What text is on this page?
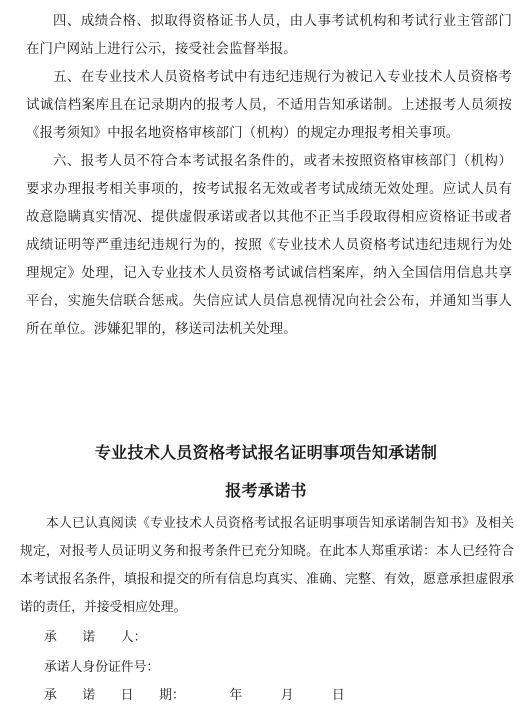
四、成绩合格、拟取得资格证书人员，由人事考试机构和考试行业主管部门在门户网站上进行公示，接受社会监督举报。

五、在专业技术人员资格考试中有违纪违规行为被记入专业技术人员资格考试诚信档案库且在记录期内的报考人员，不适用告知承诺制。上述报考人员须按《报考须知》中报名地资格审核部门（机构）的规定办理报考相关事项。

六、报考人员不符合本考试报名条件的，或者未按照资格审核部门（机构）要求办理报考相关事项的，按考试报名无效或者考试成绩无效处理。应试人员有故意隐瞒真实情况、提供虚假承诺或者以其他不正当手段取得相应资格证书或者成绩证明等严重违纪违规行为的，按照《专业技术人员资格考试违纪违规行为处理规定》处理，记入专业技术人员资格考试诚信档案库，纳入全国信用信息共享平台，实施失信联合惩戒。失信应试人员信息视情况向社会公布，并通知当事人所在单位。涉嫌犯罪的，移送司法机关处理。

专业技术人员资格考试报名证明事项告知承诺制
报考承诺书

本人已认真阅读《专业技术人员资格考试报名证明事项告知承诺制告知书》及相关规定，对报考人员证明义务和报考条件已充分知晓。在此本人郑重承诺：本人已经符合本考试报名条件，填报和提交的所有信息均真实、准确、完整、有效，愿意承担虚假承诺的责任，并接受相应处理。

承　　诺　　人：

承诺人身份证件号：

承　　诺　　日　　期：　　　　年　　　月　　　日
